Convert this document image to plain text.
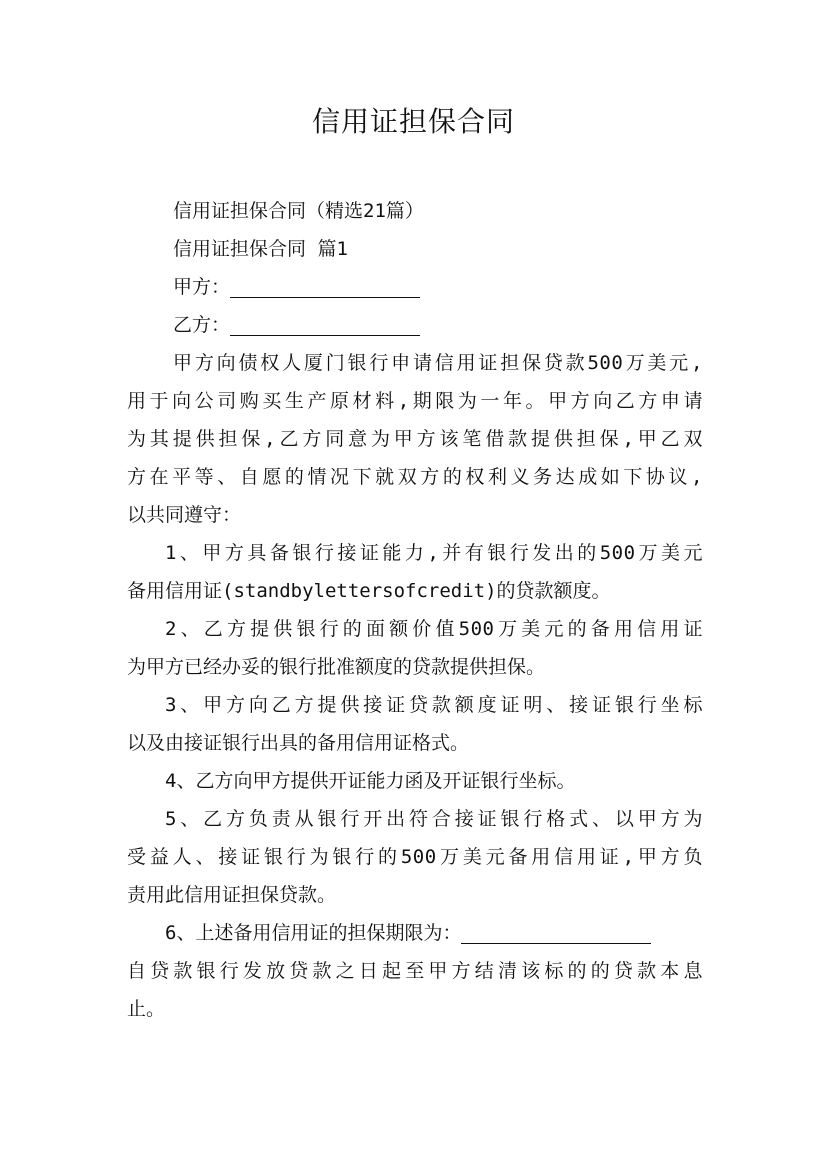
信用证担保合同
信用证担保合同（精选21篇）
信用证担保合同 篇1
甲方：
乙方：
甲方向债权人厦门银行申请信用证担保贷款500万美元,
用于向公司购买生产原材料,期限为一年。甲方向乙方申请
为其提供担保,乙方同意为甲方该笔借款提供担保,甲乙双
方在平等、自愿的情况下就双方的权利义务达成如下协议,
以共同遵守：
1、甲方具备银行接证能力,并有银行发出的500万美元
备用信用证(standbylettersofcredit)的贷款额度。
2、乙方提供银行的面额价值500万美元的备用信用证
为甲方已经办妥的银行批准额度的贷款提供担保。
3、甲方向乙方提供接证贷款额度证明、接证银行坐标
以及由接证银行出具的备用信用证格式。
4、乙方向甲方提供开证能力函及开证银行坐标。
5、乙方负责从银行开出符合接证银行格式、以甲方为
受益人、接证银行为银行的500万美元备用信用证,甲方负
责用此信用证担保贷款。
6、上述备用信用证的担保期限为：
自贷款银行发放贷款之日起至甲方结清该标的的贷款本息
止。
